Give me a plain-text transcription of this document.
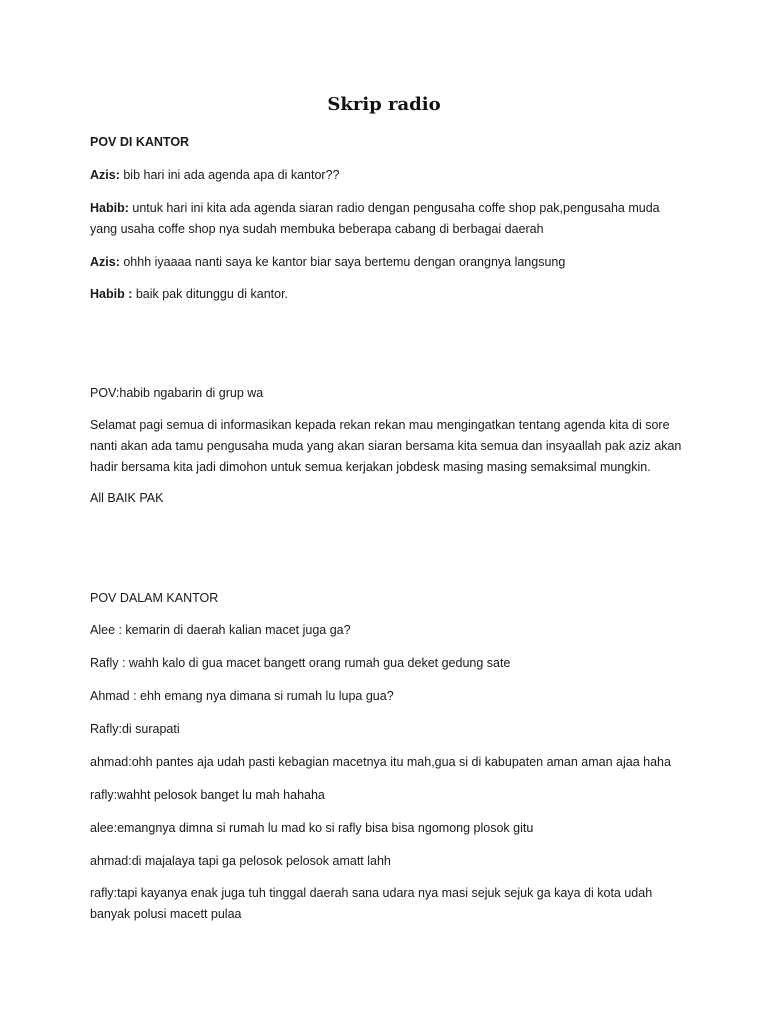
Skrip radio

POV DI KANTOR

Azis: bib hari ini ada agenda apa di kantor??

Habib: untuk hari ini kita ada agenda siaran radio dengan pengusaha coffe shop pak,pengusaha muda
yang usaha coffe shop nya sudah membuka beberapa cabang di berbagai daerah

Azis: ohhh iyaaaa nanti saya ke kantor biar saya bertemu dengan orangnya langsung

Habib : baik pak ditunggu di kantor.

POV:habib ngabarin di grup wa

Selamat pagi semua di informasikan kepada rekan rekan mau mengingatkan tentang agenda kita di sore
nanti akan ada tamu pengusaha muda yang akan siaran bersama kita semua dan insyaallah pak aziz akan
hadir bersama kita jadi dimohon untuk semua kerjakan jobdesk masing masing semaksimal mungkin.

All BAIK PAK

POV DALAM KANTOR

Alee : kemarin di daerah kalian macet juga ga?

Rafly : wahh kalo di gua macet bangett orang rumah gua deket gedung sate

Ahmad : ehh emang nya dimana si rumah lu lupa gua?

Rafly:di surapati

ahmad:ohh pantes aja udah pasti kebagian macetnya itu mah,gua si di kabupaten aman aman ajaa haha

rafly:wahht pelosok banget lu mah hahaha

alee:emangnya dimna si rumah lu mad ko si rafly bisa bisa ngomong plosok gitu

ahmad:di majalaya tapi ga pelosok pelosok amatt lahh

rafly:tapi kayanya enak juga tuh tinggal daerah sana udara nya masi sejuk sejuk ga kaya di kota udah
banyak polusi macett pulaa
